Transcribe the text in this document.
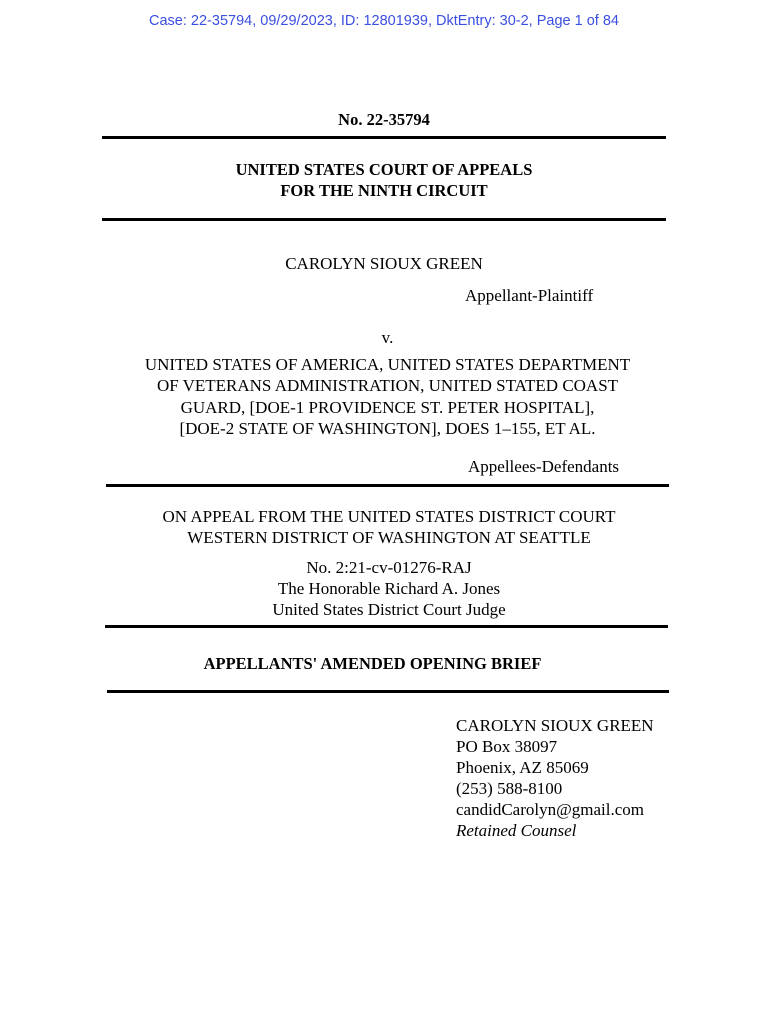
Case: 22-35794, 09/29/2023, ID: 12801939, DktEntry: 30-2, Page 1 of 84
No. 22-35794
UNITED STATES COURT OF APPEALS
FOR THE NINTH CIRCUIT
CAROLYN SIOUX GREEN
Appellant-Plaintiff
v.
UNITED STATES OF AMERICA, UNITED STATES DEPARTMENT
OF VETERANS ADMINISTRATION, UNITED STATED COAST
GUARD, [DOE-1 PROVIDENCE ST. PETER HOSPITAL],
[DOE-2 STATE OF WASHINGTON], DOES 1–155, ET AL.
Appellees-Defendants
ON APPEAL FROM THE UNITED STATES DISTRICT COURT
WESTERN DISTRICT OF WASHINGTON AT SEATTLE
No. 2:21-cv-01276-RAJ
The Honorable Richard A. Jones
United States District Court Judge
APPELLANTS' AMENDED OPENING BRIEF
CAROLYN SIOUX GREEN
PO Box 38097
Phoenix, AZ 85069
(253) 588-8100
candidCarolyn@gmail.com
Retained Counsel
